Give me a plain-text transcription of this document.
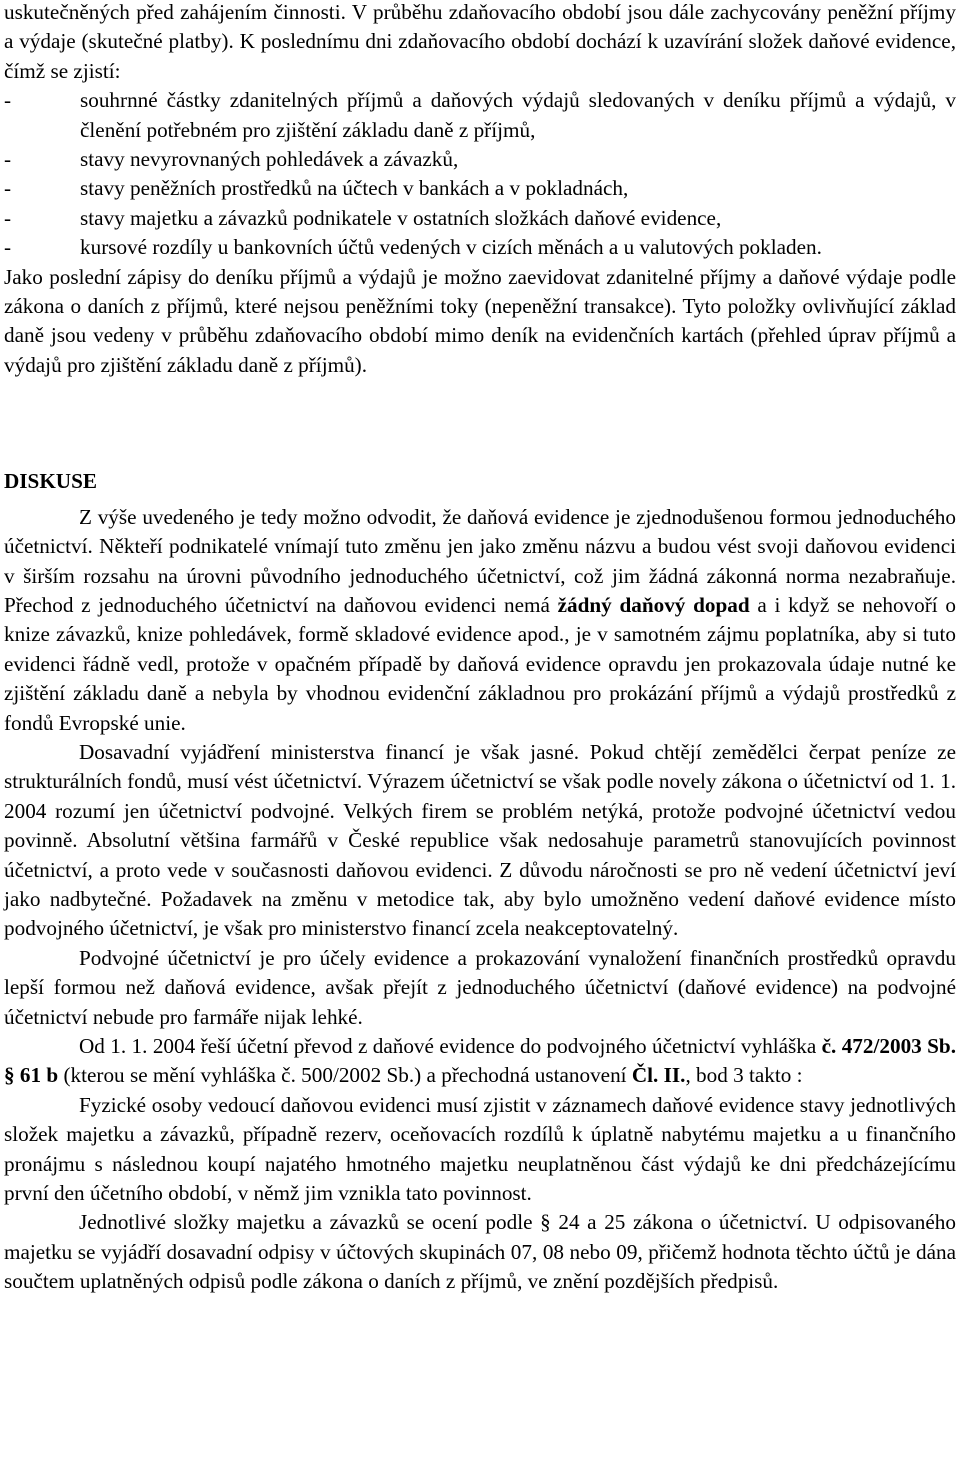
uskutečněných před zahájením činnosti. V průběhu zdaňovacího období jsou dále zachycovány peněžní příjmy a výdaje (skutečné platby). K poslednímu dni zdaňovacího období dochází k uzavírání složek daňové evidence, čímž se zjistí:

-	souhrnné částky zdanitelných příjmů a daňových výdajů sledovaných v deníku příjmů a výdajů, v členění potřebném pro zjištění základu daně z příjmů,
-	stavy nevyrovnaných pohledávek a závazků,
-	stavy peněžních prostředků na účtech v bankách a v pokladnách,
-	stavy majetku a závazků podnikatele v ostatních složkách daňové evidence,
-	kursové rozdíly u bankovních účtů vedených v cizích měnách a u valutových pokladen.

Jako poslední zápisy do deníku příjmů a výdajů je možno zaevidovat zdanitelné příjmy a daňové výdaje podle zákona o daních z příjmů, které nejsou peněžními toky (nepeněžní transakce). Tyto položky ovlivňující základ daně jsou vedeny v průběhu zdaňovacího období mimo deník na evidenčních kartách (přehled úprav příjmů a výdajů pro zjištění základu daně z příjmů).

DISKUSE

Z výše uvedeného je tedy možno odvodit, že daňová evidence je zjednodušenou formou jednoduchého účetnictví. Někteří podnikatelé vnímají tuto změnu jen jako změnu názvu a budou vést svoji daňovou evidenci v širším rozsahu na úrovni původního jednoduchého účetnictví, což jim žádná zákonná norma nezabraňuje. Přechod z jednoduchého účetnictví na daňovou evidenci nemá žádný daňový dopad a i když se nehovoří o knize závazků, knize pohledávek, formě skladové evidence apod., je v samotném zájmu poplatníka, aby si tuto evidenci řádně vedl, protože v opačném případě by daňová evidence opravdu jen prokazovala údaje nutné ke zjištění základu daně a nebyla by vhodnou evidenční základnou pro prokázání příjmů a výdajů prostředků z fondů Evropské unie.

Dosavadní vyjádření ministerstva financí je však jasné. Pokud chtějí zemědělci čerpat peníze ze strukturálních fondů, musí vést účetnictví. Výrazem účetnictví se však podle novely zákona o účetnictví od 1. 1. 2004 rozumí jen účetnictví podvojné. Velkých firem se problém netýká, protože podvojné účetnictví vedou povinně. Absolutní většina farmářů v České republice však nedosahuje parametrů stanovujících povinnost účetnictví, a proto vede v současnosti daňovou evidenci. Z důvodu náročnosti se pro ně vedení účetnictví jeví jako nadbytečné. Požadavek na změnu v metodice tak, aby bylo umožněno vedení daňové evidence místo podvojného účetnictví, je však pro ministerstvo financí zcela neakceptovatelný.

Podvojné účetnictví je pro účely evidence a prokazování vynaložení finančních prostředků opravdu lepší formou než daňová evidence, avšak přejít z jednoduchého účetnictví (daňové evidence) na podvojné účetnictví nebude pro farmáře nijak lehké.

Od 1. 1. 2004 řeší účetní převod z daňové evidence do podvojného účetnictví vyhláška č. 472/2003 Sb. § 61 b (kterou se mění vyhláška č. 500/2002 Sb.) a přechodná ustanovení Čl. II., bod 3 takto :

Fyzické osoby vedoucí daňovou evidenci musí zjistit v záznamech daňové evidence stavy jednotlivých složek majetku a závazků, případně rezerv, oceňovacích rozdílů k úplatně nabytému majetku a u finančního pronájmu s následnou koupí najatého hmotného majetku neuplatněnou část výdajů ke dni předcházejícímu první den účetního období, v němž jim vznikla tato povinnost.

Jednotlivé složky majetku a závazků se ocení podle § 24 a 25 zákona o účetnictví. U odpisovaného majetku se vyjádří dosavadní odpisy v účtových skupinách 07, 08 nebo 09, přičemž hodnota těchto účtů je dána součtem uplatněných odpisů podle zákona o daních z příjmů, ve znění pozdějších předpisů.
